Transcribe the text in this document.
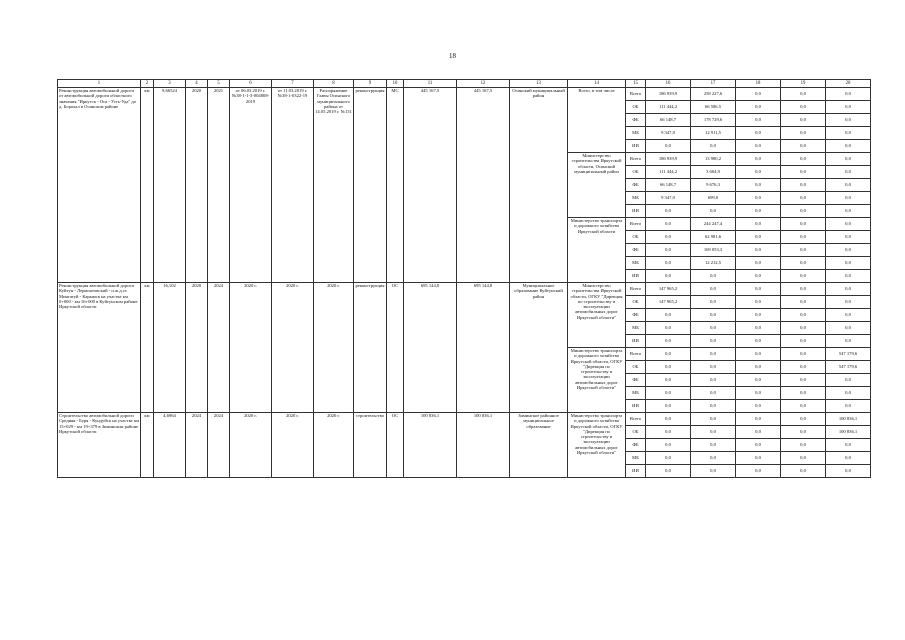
18
1	2	3	4	5	6	7	8	9	10	11	12	13	14	15	16	17	18	19	20
Реконструкция автомобильной дороги от автомобильной дороги областного значения "Иркутск - Оса - Усть-Уда" до д. Борохал в Осинском районе	км	9,66524	2020	2021	от 06.03.2019 г. №38-1-1-3-004808-2019	от 11.03.2019 г. №38-1-0322-19	Распоряжение Главы Осинского муниципального района от 14.05.2019 г. №131	реконструкция	МС	445 167,5	445 167,5	Осинский муниципальный район	Всего, в том числе	Всего	186 939,9	258 227,6	0,0	0,0	0,0
														ОБ	111 444,2	66 586,5	0,0	0,0	0,0
														ФБ	66 148,7	178 729,6	0,0	0,0	0,0
														МБ	9 347,0	12 911,5	0,0	0,0	0,0
														ИИ	0,0	0,0	0,0	0,0	0,0
													Министерство строительства Иркутской области, Осинский муниципальный район	Всего	186 939,9	13 980,2	0,0	0,0	0,0
														ОБ	111 444,2	3 604,9	0,0	0,0	0,0
														ФБ	66 148,7	9 676,3	0,0	0,0	0,0
														МБ	9 347,0	699,0	0,0	0,0	0,0
														ИИ	0,0	0,0	0,0	0,0	0,0
													Министерство транспорта и дорожного хозяйства Иркутской области	Всего	0,0	244 247,4	0,0	0,0	0,0
														ОБ	0,0	62 981,6	0,0	0,0	0,0
														ФБ	0,0	169 053,3	0,0	0,0	0,0
														МБ	0,0	12 212,5	0,0	0,0	0,0
														ИИ	0,0	0,0	0,0	0,0	0,0
Реконструкция автомобильной дороги Куйтун - Лермонтовский - п.ж.д.ст. Мингатуй - Карымск на участке км 0+000 - км 16+000 в Куйтунском районе Иркутской области	км	16,102	2020	2024	2020 г.	2020 г.	2020 г.	реконструкция	ОС	695 144,8	695 144,8	Муниципальное образование Куйтунский район	Министерство строительства Иркутской области, ОГКУ "Дирекция по строительству и эксплуатации автомобильных дорог Иркутской области"	Всего	147 965,2	0,0	0,0	0,0	0,0
														ОБ	147 965,2	0,0	0,0	0,0	0,0
														ФБ	0,0	0,0	0,0	0,0	0,0
														МБ	0,0	0,0	0,0	0,0	0,0
														ИИ	0,0	0,0	0,0	0,0	0,0
													Министерство транспорта и дорожного хозяйства Иркутской области, ОГКУ "Дирекция по строительству и эксплуатации автомобильных дорог Иркутской области"	Всего	0,0	0,0	0,0	0,0	547 179,6
														ОБ	0,0	0,0	0,0	0,0	547 179,6
														ФБ	0,0	0,0	0,0	0,0	0,0
														МБ	0,0	0,0	0,0	0,0	0,0
														ИИ	0,0	0,0	0,0	0,0	0,0
Строительство автомобильной дороги Средняя - Буря - Кундуйск на участке км 15+029 - км 19+379 в Зиминском районе Иркутской области	км	4,6964	2024	2024	2020 г.	2020 г.	2020 г.	строительство	ОС	100 836,1	100 836,1	Зиминское районное муниципальное образование	Министерство транспорта и дорожного хозяйства Иркутской области, ОГКУ "Дирекция по строительству и эксплуатации автомобильных дорог Иркутской области"	Всего	0,0	0,0	0,0	0,0	100 836,1
														ОБ	0,0	0,0	0,0	0,0	100 836,1
														ФБ	0,0	0,0	0,0	0,0	0,0
														МБ	0,0	0,0	0,0	0,0	0,0
														ИИ	0,0	0,0	0,0	0,0	0,0
